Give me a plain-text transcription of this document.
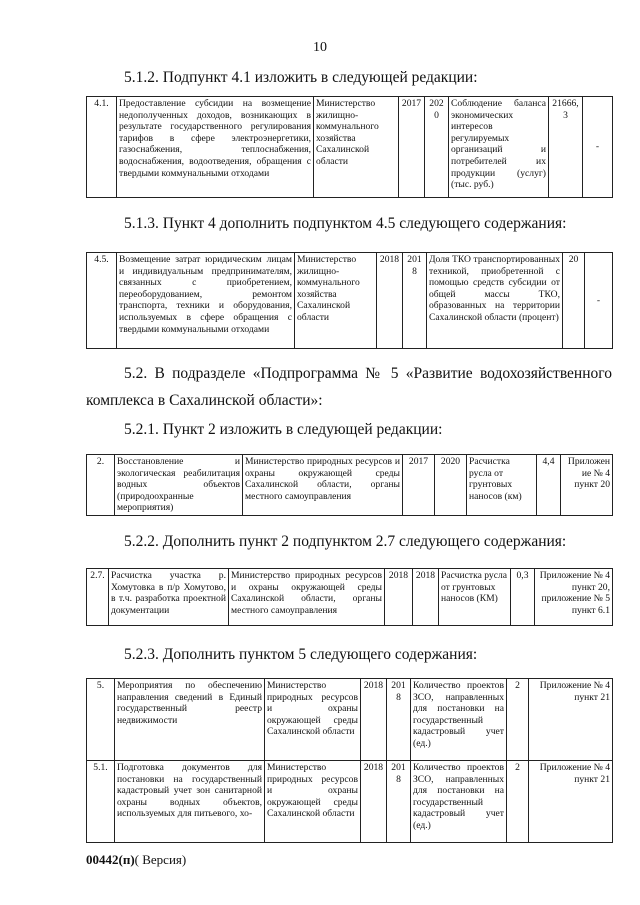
10
5.1.2. Подпункт 4.1 изложить в следующей редакции:
4.1.	Предоставление субсидии на возмещение недополученных доходов, возникающих в результате государственного регулирования тарифов в сфере электроэнергетики, газоснабжения, теплоснабжения, водоснабжения, водоотведения, обращения с твердыми коммунальными отходами	Министерство жилищно-коммунального хозяйства Сахалинской области	2017	2020	Соблюдение баланса экономических интересов регулируемых организаций и потребителей их продукции (услуг) (тыс. руб.)	21666,3	-
5.1.3. Пункт 4 дополнить подпунктом 4.5 следующего содержания:
4.5.	Возмещение затрат юридическим лицам и индивидуальным предпринимателям, связанных с приобретением, переоборудованием, ремонтом транспорта, техники и оборудования, используемых в сфере обращения с твердыми коммунальными отходами	Министерство жилищно-коммунального хозяйства Сахалинской области	2018	2018	Доля ТКО транспортированных техникой, приобретенной с помощью средств субсидии от общей массы ТКО, образованных на территории Сахалинской области (процент)	20	-
5.2. В подразделе «Подпрограмма № 5 «Развитие водохозяйственного комплекса в Сахалинской области»:
5.2.1. Пункт 2 изложить в следующей редакции:
2.	Восстановление и экологическая реабилитация водных объектов (природоохранные мероприятия)	Министерство природных ресурсов и охраны окружающей среды Сахалинской области, органы местного самоуправления	2017	2020	Расчистка русла от грунтовых наносов (км)	4,4	Приложение № 4 пункт 20
5.2.2. Дополнить пункт 2 подпунктом 2.7 следующего содержания:
2.7.	Расчистка участка р. Хомутовка в п/р Хомутово, в т.ч. разработка проектной документации	Министерство природных ресурсов и охраны окружающей среды Сахалинской области, органы местного самоуправления	2018	2018	Расчистка русла от грунтовых наносов (КМ)	0,3	Приложение № 4 пункт 20, приложение № 5 пункт 6.1
5.2.3. Дополнить пунктом 5 следующего содержания:
5.	Мероприятия по обеспечению направления сведений в Единый государственный реестр недвижимости	Министерство природных ресурсов и охраны окружающей среды Сахалинской области	2018	2018	Количество проектов ЗСО, направленных для постановки на государственный кадастровый учет (ед.)	2	Приложение № 4 пункт 21
5.1.	Подготовка документов для постановки на государственный кадастровый учет зон санитарной охраны водных объектов, используемых для питьевого, хо-	Министерство природных ресурсов и охраны окружающей среды Сахалинской области	2018	2018	Количество проектов ЗСО, направленных для постановки на государственный кадастровый учет (ед.)	2	Приложение № 4 пункт 21
00442(п)( Версия)
